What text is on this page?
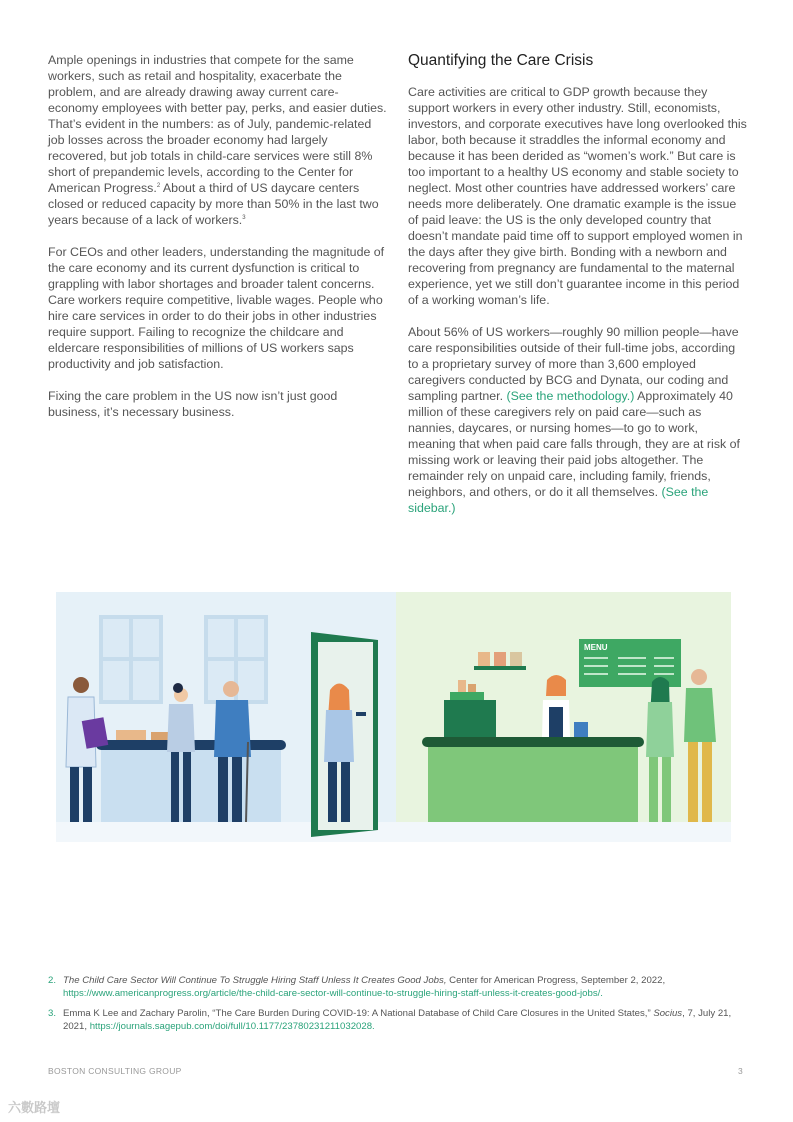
Ample openings in industries that compete for the same workers, such as retail and hospitality, exacerbate the problem, and are already drawing away current care-economy employees with better pay, perks, and easier duties. That’s evident in the numbers: as of July, pandemic-related job losses across the broader economy had largely recovered, but job totals in child-care services were still 8% short of prepandemic levels, according to the Center for American Progress.$^2$ About a third of US daycare centers closed or reduced capacity by more than 50% in the last two years because of a lack of workers.$^3$

For CEOs and other leaders, understanding the magnitude of the care economy and its current dysfunction is critical to grappling with labor shortages and broader talent concerns. Care workers require competitive, livable wages. People who hire care services in order to do their jobs in other industries require support. Failing to recognize the childcare and eldercare responsibilities of millions of US workers saps productivity and job satisfaction.

Fixing the care problem in the US now isn’t just good business, it’s necessary business.

Quantifying the Care Crisis

Care activities are critical to GDP growth because they support workers in every other industry. Still, economists, investors, and corporate executives have long overlooked this labor, both because it straddles the informal economy and because it has been derided as “women’s work.” But care is too important to a healthy US economy and stable society to neglect. Most other countries have addressed workers’ care needs more deliberately. One dramatic example is the issue of paid leave: the US is the only developed country that doesn’t mandate paid time off to support employed women in the days after they give birth. Bonding with a newborn and recovering from pregnancy are fundamental to the maternal experience, yet we still don’t guarantee income in this period of a working woman’s life.

About 56% of US workers—roughly 90 million people—have care responsibilities outside of their full-time jobs, according to a proprietary survey of more than 3,600 employed caregivers conducted by BCG and Dynata, our coding and sampling partner. (See the methodology.) Approximately 40 million of these caregivers rely on paid care—such as nannies, daycares, or nursing homes—to go to work, meaning that when paid care falls through, they are at risk of missing work or leaving their paid jobs altogether. The remainder rely on unpaid care, including family, friends, neighbors, and others, or do it all themselves. (See the sidebar.)

MENU
2. The Child Care Sector Will Continue To Struggle Hiring Staff Unless It Creates Good Jobs, Center for American Progress, September 2, 2022, https://www.americanprogress.org/article/the-child-care-sector-will-continue-to-struggle-hiring-staff-unless-it-creates-good-jobs/.
3. Emma K Lee and Zachary Parolin, “The Care Burden During COVID-19: A National Database of Child Care Closures in the United States,” Socius, 7, July 21, 2021, https://journals.sagepub.com/doi/full/10.1177/23780231211032028.
BOSTON CONSULTING GROUP	3
六數路壇
